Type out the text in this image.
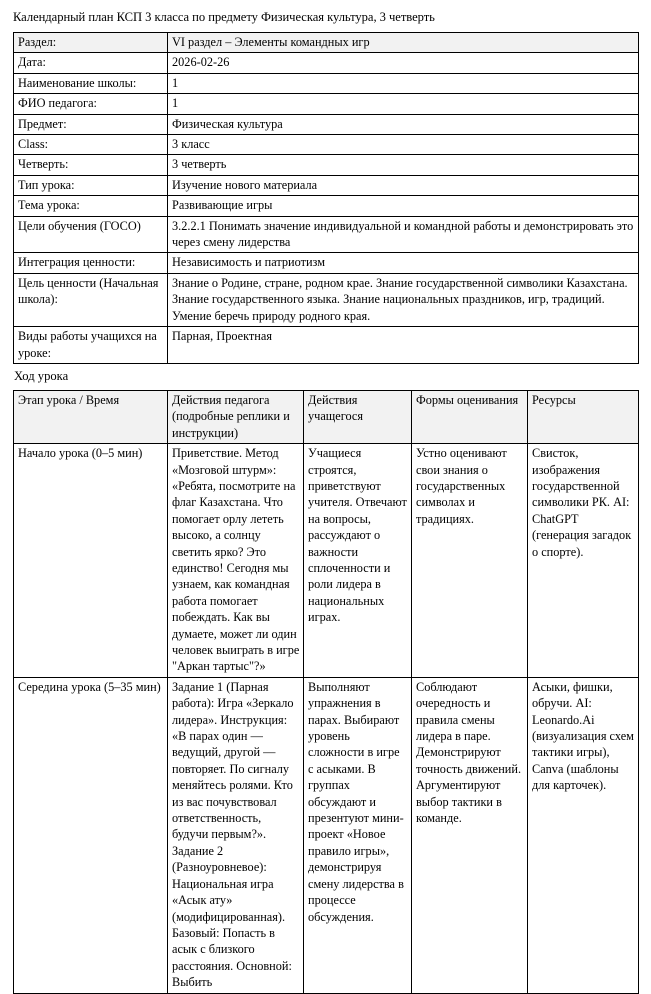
Календарный план КСП 3 класса по предмету Физическая культура, 3 четверть
Раздел:	VI раздел – Элементы командных игр
Дата:	2026-02-26
Наименование школы:	1
ФИО педагога:	1
Предмет:	Физическая культура
Class:	3 класс
Четверть:	3 четверть
Тип урока:	Изучение нового материала
Тема урока:	Развивающие игры
Цели обучения (ГОСО)	3.2.2.1 Понимать значение индивидуальной и командной работы и демонстрировать это через смену лидерства
Интеграция ценности:	Независимость и патриотизм
Цель ценности (Начальная школа):	Знание о Родине, стране, родном крае. Знание государственной символики Казахстана. Знание государственного языка. Знание национальных праздников, игр, традиций. Умение беречь природу родного края.
Виды работы учащихся на уроке:	Парная, Проектная
Ход урока
Этап урока / Время	Действия педагога (подробные реплики и инструкции)	Действия учащегося	Формы оценивания	Ресурсы
Начало урока (0–5 мин)	Приветствие. Метод «Мозговой штурм»: «Ребята, посмотрите на флаг Казахстана. Что помогает орлу лететь высоко, а солнцу светить ярко? Это единство! Сегодня мы узнаем, как командная работа помогает побеждать. Как вы думаете, может ли один человек выиграть в игре "Аркан тартыс"?»	Учащиеся строятся, приветствуют учителя. Отвечают на вопросы, рассуждают о важности сплоченности и роли лидера в национальных играх.	Устно оценивают свои знания о государственных символах и традициях.	Свисток, изображения государственной символики РК. AI: ChatGPT (генерация загадок о спорте).
Середина урока (5–35 мин)	Задание 1 (Парная работа): Игра «Зеркало лидера». Инструкция: «В парах один — ведущий, другой — повторяет. По сигналу меняйтесь ролями. Кто из вас почувствовал ответственность, будучи первым?». Задание 2 (Разноуровневое): Национальная игра «Асык ату» (модифицированная). Базовый: Попасть в асык с близкого расстояния. Основной: Выбить	Выполняют упражнения в парах. Выбирают уровень сложности в игре с асыками. В группах обсуждают и презентуют мини-проект «Новое правило игры», демонстрируя смену лидерства в процессе обсуждения.	Соблюдают очередность и правила смены лидера в паре. Демонстрируют точность движений. Аргументируют выбор тактики в команде.	Асыки, фишки, обручи. AI: Leonardo.Ai (визуализация схем тактики игры), Canva (шаблоны для карточек).
